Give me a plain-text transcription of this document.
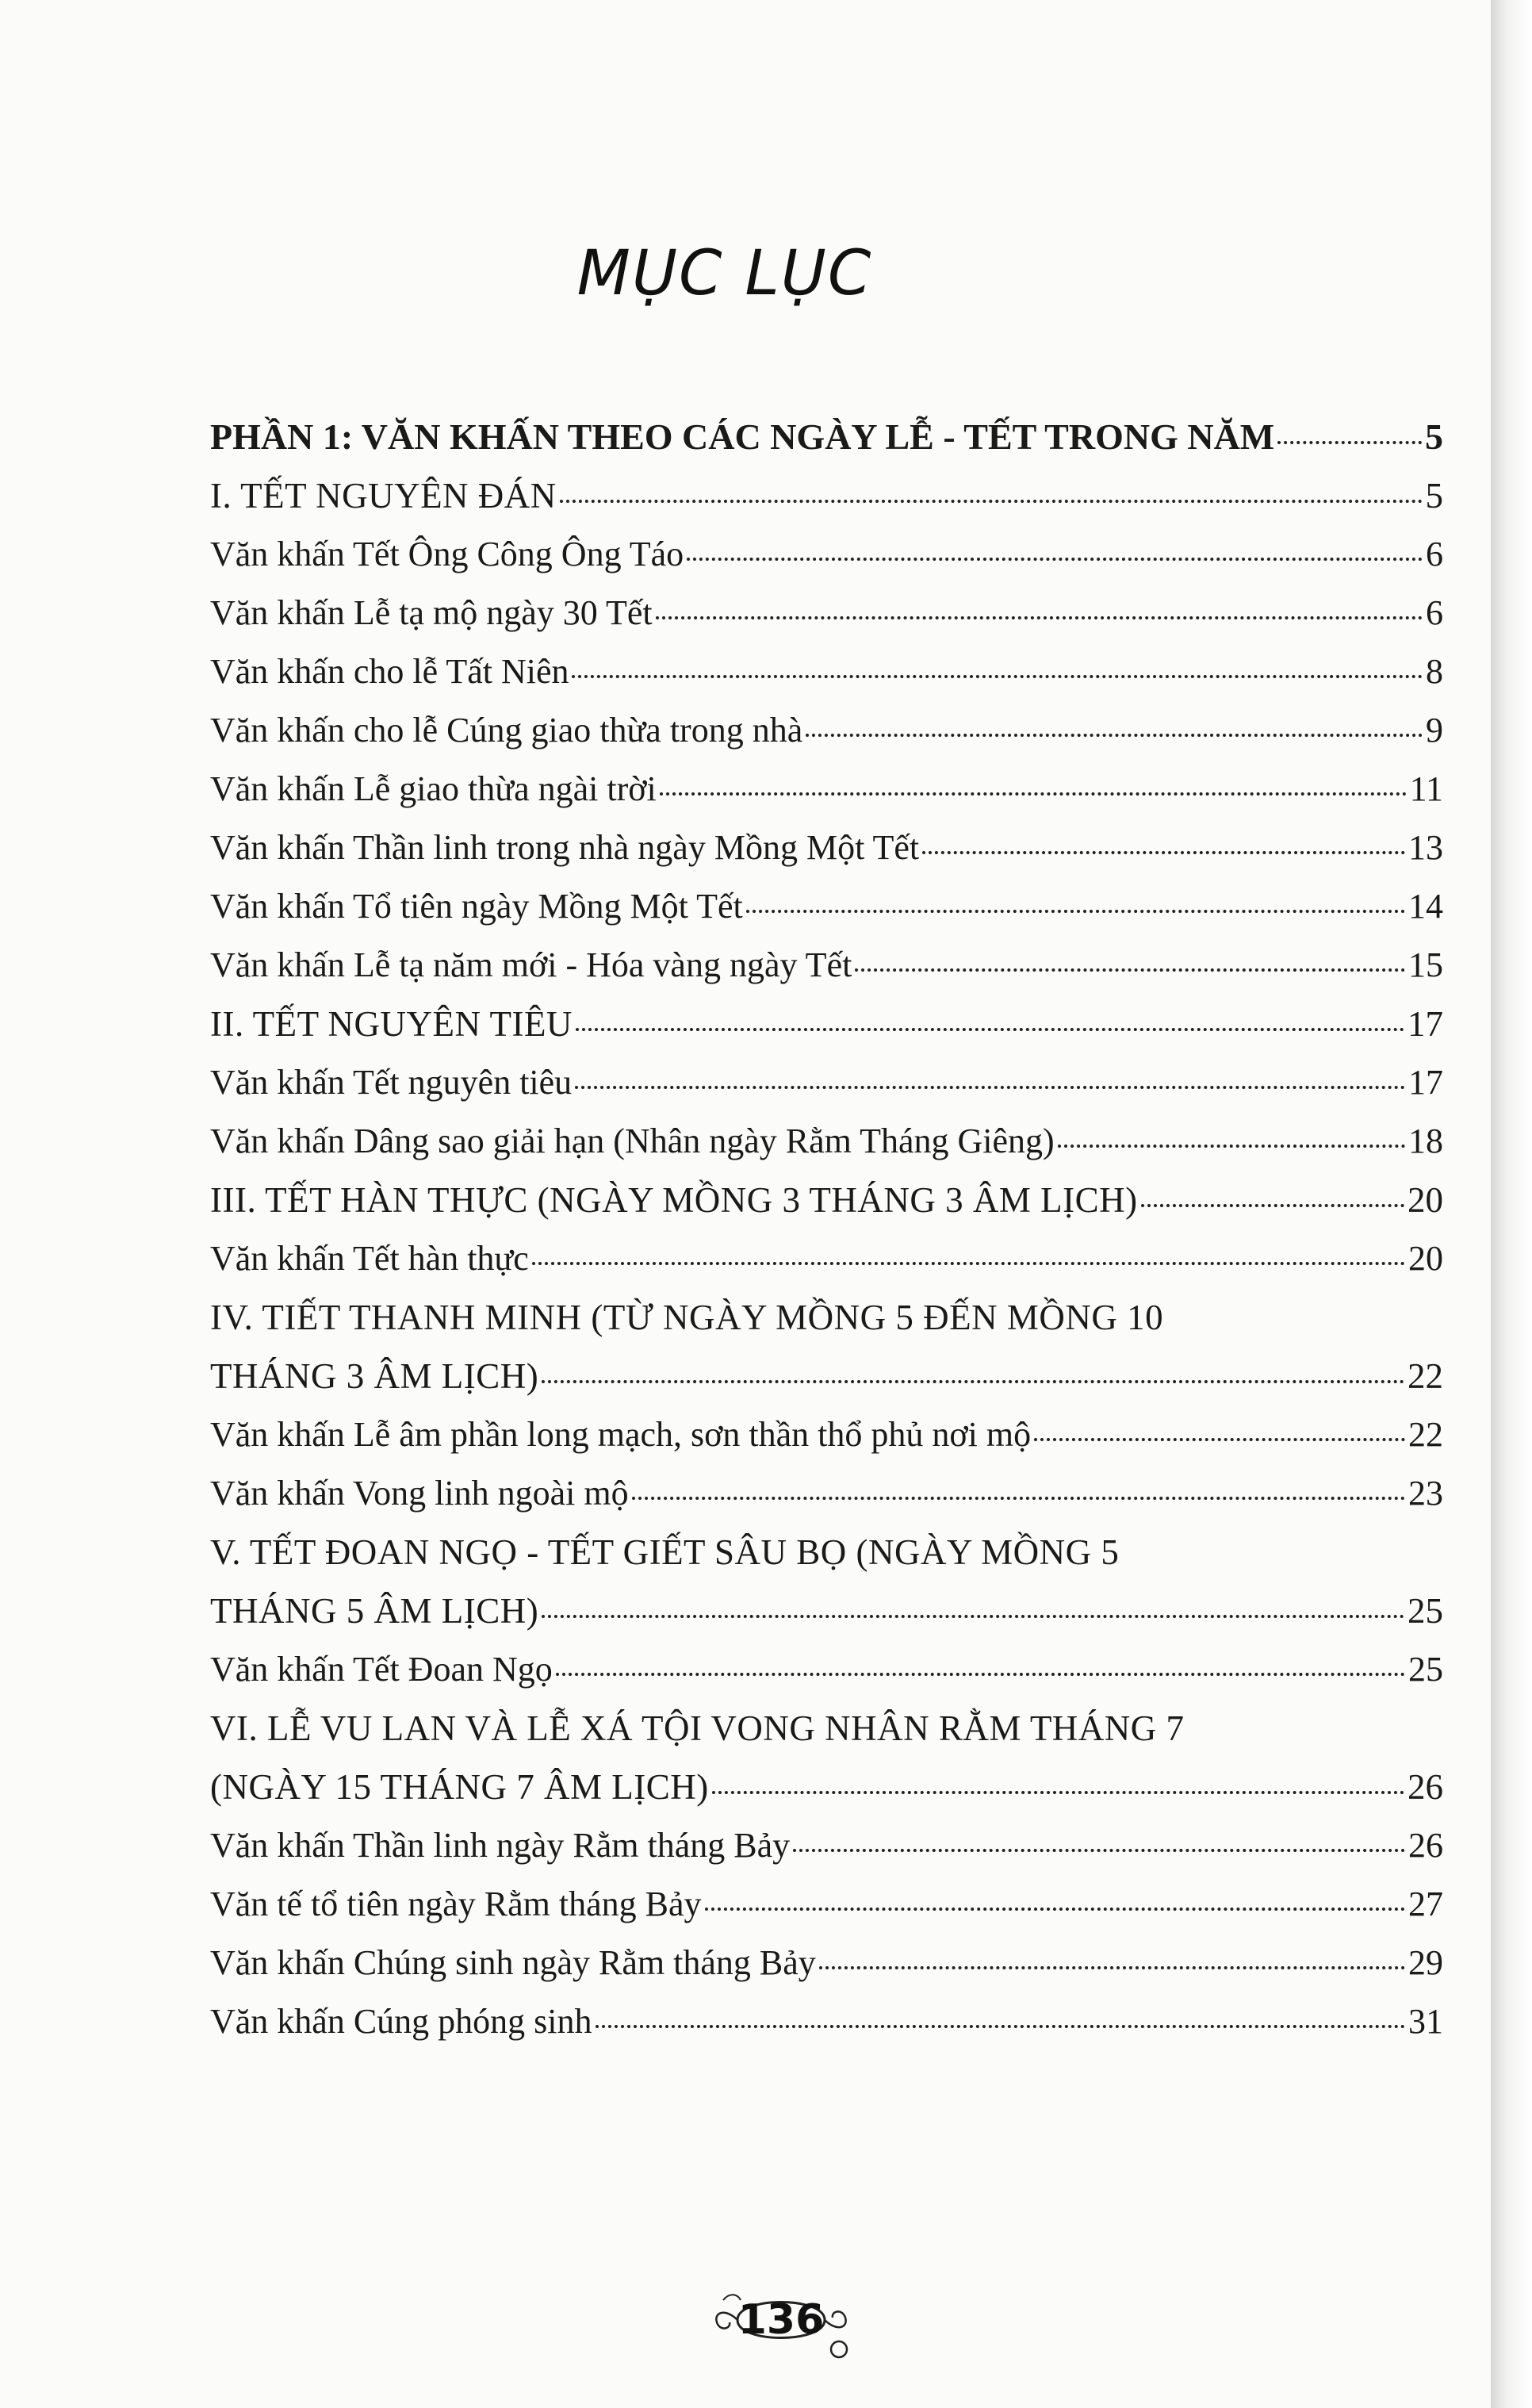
MỤC LỤC
PHẦN 1: VĂN KHẤN THEO CÁC NGÀY LỄ - TẾT TRONG NĂM	5
I. TẾT NGUYÊN ĐÁN	5
Văn khấn Tết Ông Công Ông Táo	6
Văn khấn Lễ tạ mộ ngày 30 Tết	6
Văn khấn cho lễ Tất Niên	8
Văn khấn cho lễ Cúng giao thừa trong nhà	9
Văn khấn Lễ giao thừa ngài trời	11
Văn khấn Thần linh trong nhà ngày Mồng Một Tết	13
Văn khấn Tổ tiên ngày Mồng Một Tết	14
Văn khấn Lễ tạ năm mới - Hóa vàng ngày Tết	15
II. TẾT NGUYÊN TIÊU	17
Văn khấn Tết nguyên tiêu	17
Văn khấn Dâng sao giải hạn (Nhân ngày Rằm Tháng Giêng)	18
III. TẾT HÀN THỰC (NGÀY MỒNG 3 THÁNG 3 ÂM LỊCH)	20
Văn khấn Tết hàn thực	20
IV. TIẾT THANH MINH (TỪ NGÀY MỒNG 5 ĐẾN MỒNG 10
THÁNG 3 ÂM LỊCH)	22
Văn khấn Lễ âm phần long mạch, sơn thần thổ phủ nơi mộ	22
Văn khấn Vong linh ngoài mộ	23
V. TẾT ĐOAN NGỌ - TẾT GIẾT SÂU BỌ (NGÀY MỒNG 5
THÁNG 5 ÂM LỊCH)	25
Văn khấn Tết Đoan Ngọ	25
VI. LỄ VU LAN VÀ LỄ XÁ TỘI VONG NHÂN RẰM THÁNG 7
(NGÀY 15 THÁNG 7 ÂM LỊCH)	26
Văn khấn Thần linh ngày Rằm tháng Bảy	26
Văn tế tổ tiên ngày Rằm tháng Bảy	27
Văn khấn Chúng sinh ngày Rằm tháng Bảy	29
Văn khấn Cúng phóng sinh	31
136
